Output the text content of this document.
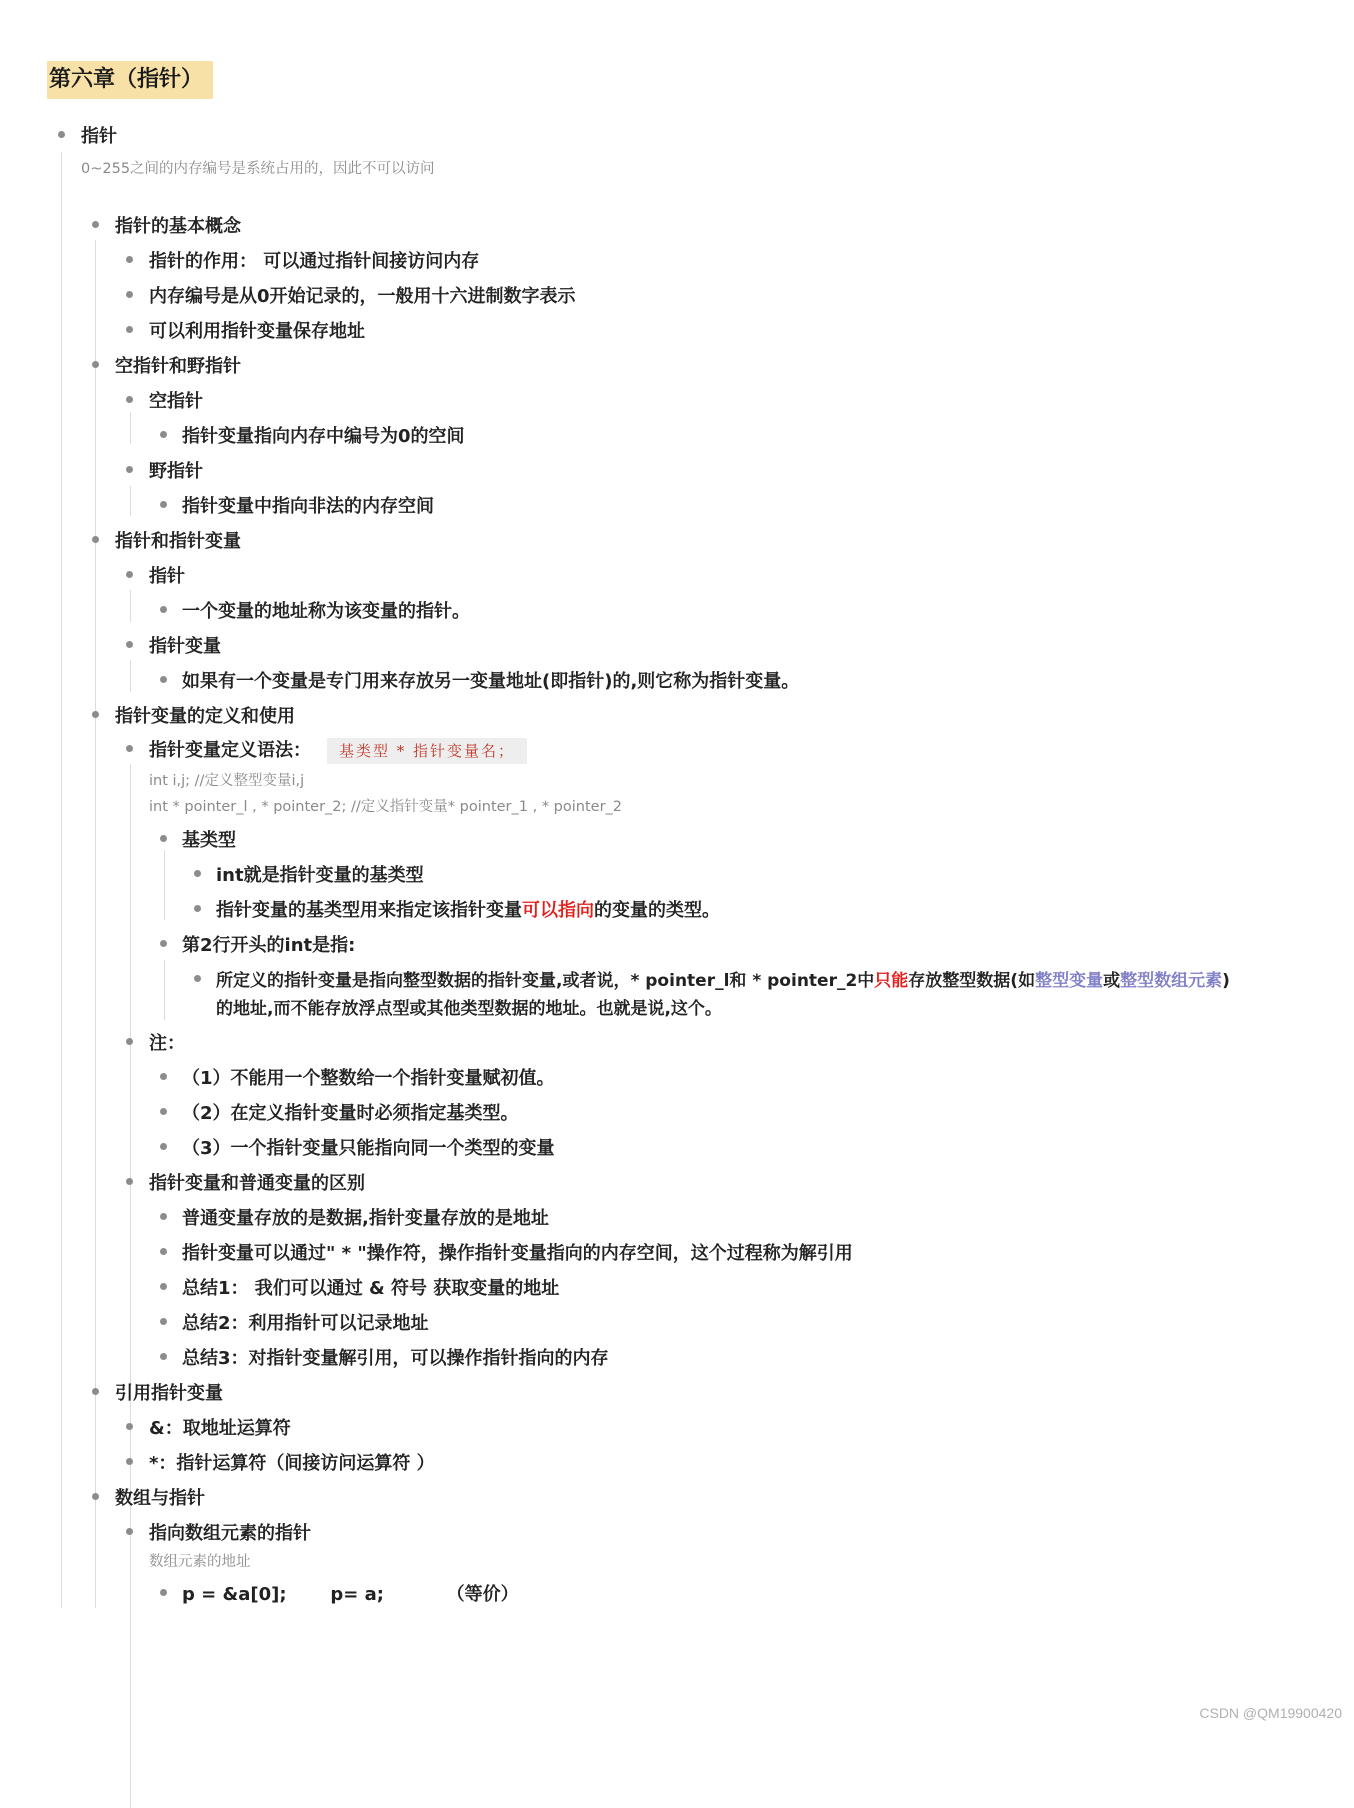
第六章（指针）
指针
0~255之间的内存编号是系统占用的，因此不可以访问
指针的基本概念
指针的作用： 可以通过指针间接访问内存
内存编号是从0开始记录的，一般用十六进制数字表示
可以利用指针变量保存地址
空指针和野指针
空指针
指针变量指向内存中编号为0的空间
野指针
指针变量中指向非法的内存空间
指针和指针变量
指针
一个变量的地址称为该变量的指针。
指针变量
如果有一个变量是专门用来存放另一变量地址(即指针)的,则它称为指针变量。
指针变量的定义和使用
指针变量定义语法： 基类型 * 指针变量名；
int i,j; //定义整型变量i,j
int * pointer_l , * pointer_2; //定义指针变量* pointer_1 , * pointer_2
基类型
int就是指针变量的基类型
指针变量的基类型用来指定该指针变量可以指向的变量的类型。
第2行开头的int是指:
所定义的指针变量是指向整型数据的指针变量,或者说，* pointer_l和 * pointer_2中只能存放整型数据(如整型变量或整型数组元素)
的地址,而不能存放浮点型或其他类型数据的地址。也就是说,这个。
注：
（1）不能用一个整数给一个指针变量赋初值。
（2）在定义指针变量时必须指定基类型。
（3）一个指针变量只能指向同一个类型的变量
指针变量和普通变量的区别
普通变量存放的是数据,指针变量存放的是地址
指针变量可以通过" * "操作符，操作指针变量指向的内存空间，这个过程称为解引用
总结1： 我们可以通过 & 符号 获取变量的地址
总结2：利用指针可以记录地址
总结3：对指针变量解引用，可以操作指针指向的内存
引用指针变量
&：取地址运算符
*：指针运算符（间接访问运算符 ）
数组与指针
指向数组元素的指针
数组元素的地址
p = &a[0];       p= a;          （等价）
CSDN @QM19900420
